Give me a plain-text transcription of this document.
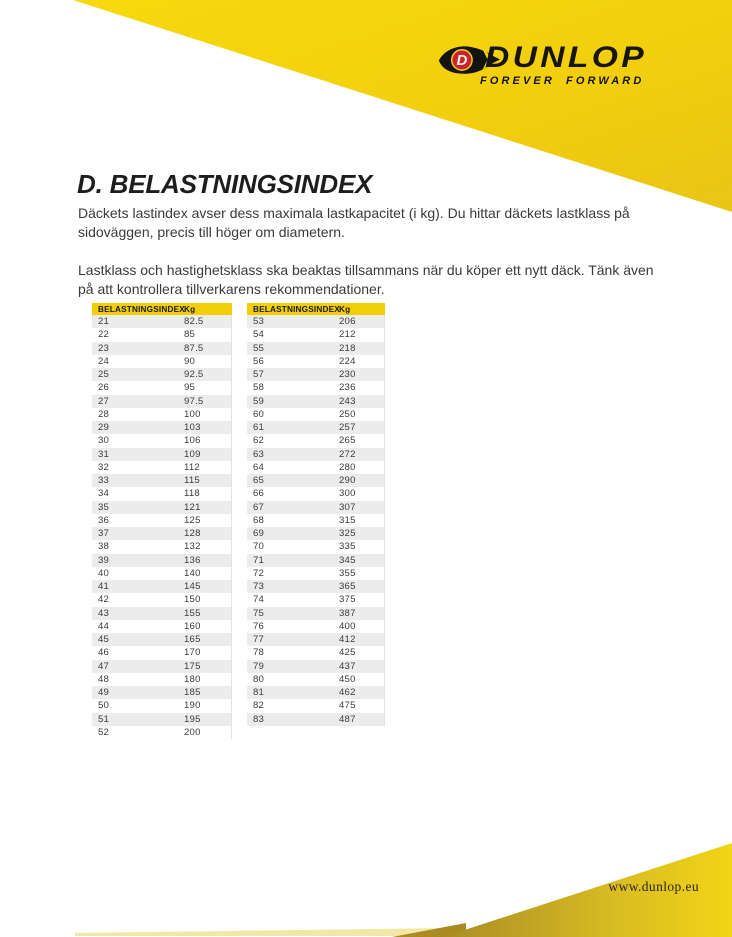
D DUNLOP
FOREVER FORWARD
D. BELASTNINGSINDEX
Däckets lastindex avser dess maximala lastkapacitet (i kg). Du hittar däckets lastklass på sidoväggen, precis till höger om diametern.
Lastklass och hastighetsklass ska beaktas tillsammans när du köper ett nytt däck. Tänk även på att kontrollera tillverkarens rekommendationer.
BELASTNINGSINDEX Kg
21	82.5
22	85
23	87.5
24	90
25	92.5
26	95
27	97.5
28	100
29	103
30	106
31	109
32	112
33	115
34	118
35	121
36	125
37	128
38	132
39	136
40	140
41	145
42	150
43	155
44	160
45	165
46	170
47	175
48	180
49	185
50	190
51	195
52	200
BELASTNINGSINDEX Kg
53	206
54	212
55	218
56	224
57	230
58	236
59	243
60	250
61	257
62	265
63	272
64	280
65	290
66	300
67	307
68	315
69	325
70	335
71	345
72	355
73	365
74	375
75	387
76	400
77	412
78	425
79	437
80	450
81	462
82	475
83	487
www.dunlop.eu
